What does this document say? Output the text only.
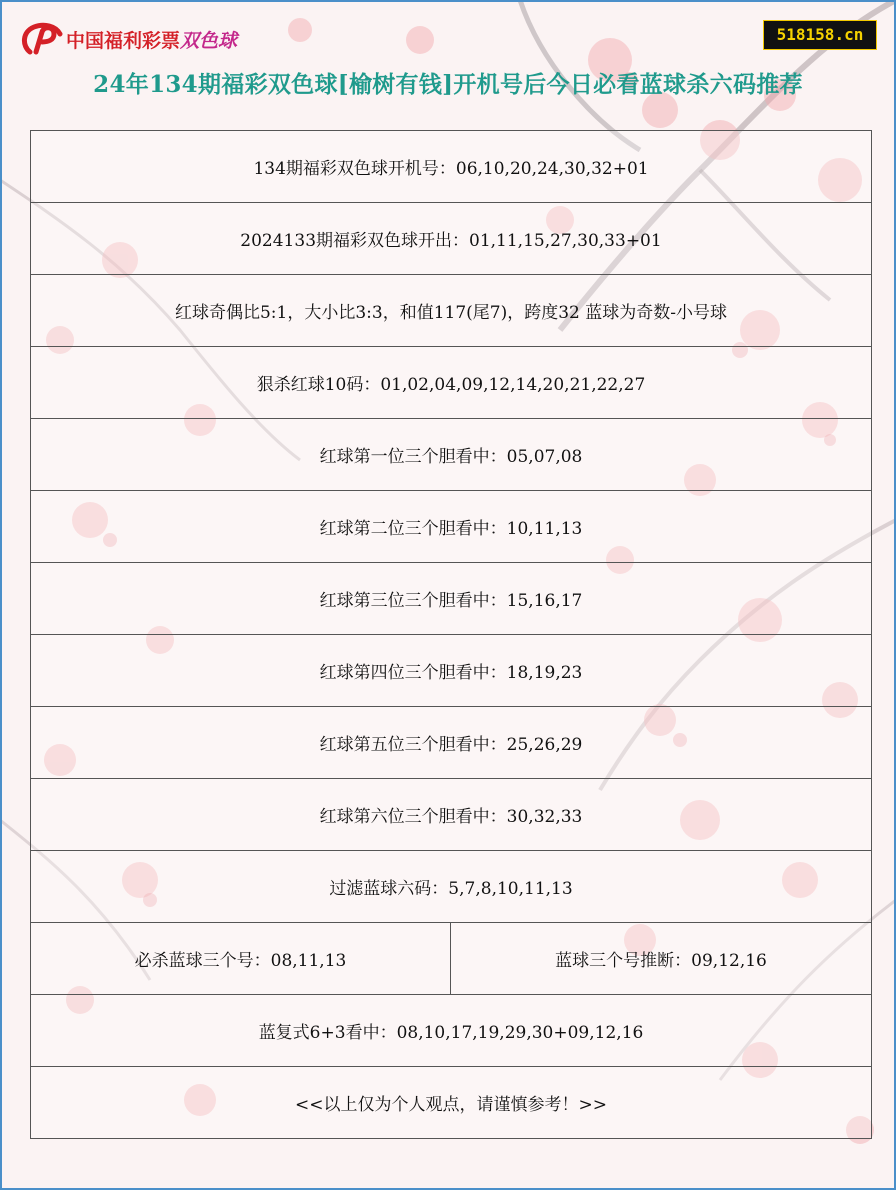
中国福利彩票双色球	518158.cn
24年134期福彩双色球[榆树有钱]开机号后今日必看蓝球杀六码推荐
134期福彩双色球开机号：06,10,20,24,30,32+01
2024133期福彩双色球开出：01,11,15,27,30,33+01
红球奇偶比5:1，大小比3:3，和值117(尾7)，跨度32 蓝球为奇数-小号球
狠杀红球10码：01,02,04,09,12,14,20,21,22,27
红球第一位三个胆看中：05,07,08
红球第二位三个胆看中：10,11,13
红球第三位三个胆看中：15,16,17
红球第四位三个胆看中：18,19,23
红球第五位三个胆看中：25,26,29
红球第六位三个胆看中：30,32,33
过滤蓝球六码：5,7,8,10,11,13
必杀蓝球三个号：08,11,13	蓝球三个号推断：09,12,16
蓝复式6+3看中：08,10,17,19,29,30+09,12,16
<<以上仅为个人观点，请谨慎参考！>>
